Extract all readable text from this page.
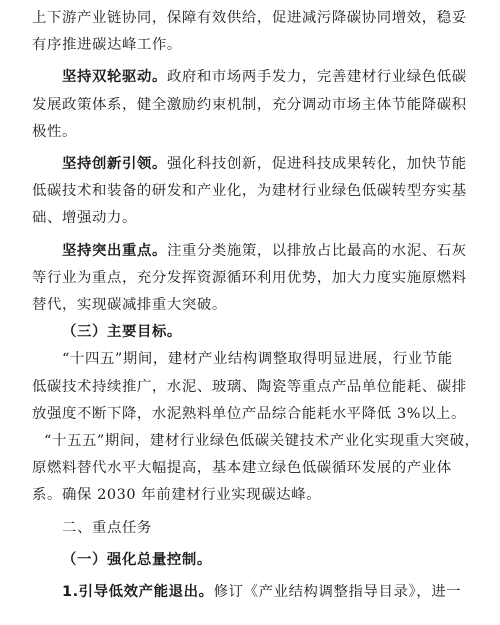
上下游产业链协同，保障有效供给，促进减污降碳协同增效，稳妥
有序推进碳达峰工作。
坚持双轮驱动。政府和市场两手发力，完善建材行业绿色低碳
发展政策体系，健全激励约束机制，充分调动市场主体节能降碳积
极性。
坚持创新引领。强化科技创新，促进科技成果转化，加快节能
低碳技术和装备的研发和产业化，为建材行业绿色低碳转型夯实基
础、增强动力。
坚持突出重点。注重分类施策，以排放占比最高的水泥、石灰
等行业为重点，充分发挥资源循环利用优势，加大力度实施原燃料
替代，实现碳减排重大突破。
（三）主要目标。
“十四五”期间，建材产业结构调整取得明显进展，行业节能
低碳技术持续推广，水泥、玻璃、陶瓷等重点产品单位能耗、碳排
放强度不断下降，水泥熟料单位产品综合能耗水平降低 3%以上。
“十五五”期间，建材行业绿色低碳关键技术产业化实现重大突破，
原燃料替代水平大幅提高，基本建立绿色低碳循环发展的产业体
系。确保 2030 年前建材行业实现碳达峰。
二、重点任务
（一）强化总量控制。
1.引导低效产能退出。修订《产业结构调整指导目录》，进一
